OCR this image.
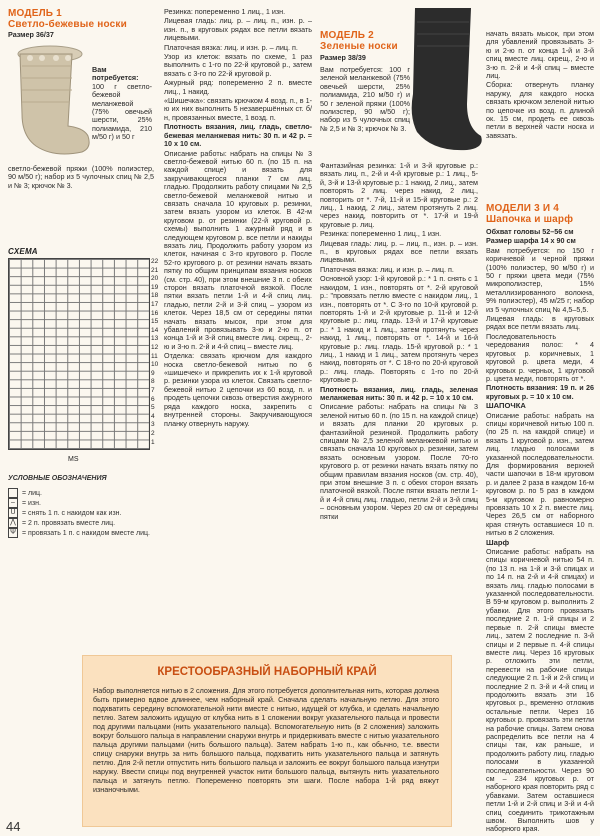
МОДЕЛЬ 1
Светло-бежевые носки
Размер 36/37
Вам потребуется: 100 г светло-бежевой меланжевой (75% овечьей шерсти, 25% полиамида, 210 м/50 г) и 50 г
светло-бежевой пряжи (100% полиэстер, 90 м/50 г); набор из 5 чулочных спиц № 2,5 и № 3; крючок № 3.
СХЕМА
22
21
20
19
18
17
16
15
14
13
12
11
10
9
8
7
6
5
4
3
2
1
MS
УСЛОВНЫЕ ОБОЗНАЧЕНИЯ
= лиц.
– = изн.
U = снять 1 п. с накидом как изн.
⋀ = 2 п. провязать вместе лиц.
Ψ = провязать 1 п. с накидом вместе лиц.

Резинка: попеременно 1 лиц., 1 изн.

Лицевая гладь: лиц. р. – лиц. п., изн. р. – изн. п., в круговых рядах все петли вязать лицевыми.

Платочная вязка: лиц. и изн. р. – лиц. п.

Узор из клеток: вязать по схеме, 1 раз выполнить с 1-го по 22-й круговой р., затем вязать с 3-го по 22-й круговой р.

Ажурный ряд: попеременно 2 п. вместе лиц., 1 накид.

«Шишечка»: связать крючком 4 возд. п., в 1-ю их них выполнить 5 незавершённых ст. б/н, провязанных вместе, 1 возд. п.

Плотность вязания, лиц. гладь, светло-бежевая меланжевая нить: 30 п. и 42 р. = 10 х 10 см.

Описание работы: набрать на спицы № 3 светло-бежевой нитью 60 п. (по 15 п. на каждой спице) и вязать для закручивающегося планки 7 см лиц. гладью. Продолжить работу спицами № 2,5 светло-бежевой меланжевой нитью и связать сначала 10 круговых р. резинки, затем вязать узором из клеток. В 42-м круговом р. от резинки (22-й круговой р. схемы) выполнить 1 ажурный ряд и в следующем круговом р. все петли и накиды вязать лиц. Продолжить работу узором из клеток, начиная с 3-го кругового р. После 52-го кругового р. от резинки начать вязать пятку по общим принципам вязания носков (см. стр. 40), при этом внешние 3 п. с обеих сторон вязать платочной вязкой. После пятки вязать петли 1-й и 4-й спиц лиц. гладью, петли 2-й и 3-й спиц – узором из клеток. Через 18,5 см от середины пятки начать вязать мысок, при этом для убавлений провязывать 3-ю и 2-ю п. от конца 1-й и 3-й спиц вместе лиц. скрещ., 2-ю и 3-ю п. 2-й и 4-й спиц – вместе лиц.

Отделка: связать крючком для каждого носка светло-бежевой нитью по 6 «шишечек» и прикрепить их к 1-й круговой р. резинки узора из клеток. Связать светло-бежевой нитью 2 цепочки из 60 возд. п. и продеть цепочки сквозь отверстия ажурного ряда каждого носка, закрепить с внутренней стороны. Закручивающуюся планку отвернуть наружу.

МОДЕЛЬ 2
Зеленые носки
Размер 38/39
Вам потребуется: 100 г зеленой меланжевой (75% овечьей шерсти, 25% полиамида, 210 м/50 г) и 50 г зеленой пряжи (100% полиэстер, 90 м/50 г); набор из 5 чулочных спиц № 2,5 и № 3; крючок № 3.

Фантазийная резинка: 1-й и 3-й круговые р.: вязать лиц. п., 2-й и 4-й круговые р.: 1 лиц., 5-й, 3-й и 13-й круговые р.: 1 накид, 2 лиц., затем повторять 2 лиц. через накид, 2 лиц., повторить от *. 7-й, 11-й и 15-й круговые р.: 2 лиц., 1 накид, 2 лиц., затем протянуть 2 лиц. через накид, повторить от *. 17-й и 19-й круговые р. лиц.

Резинка: попеременно 1 лиц., 1 изн.

Лицевая гладь: лиц. р. – лиц. п., изн. р. – изн. п., в круговых рядах все петли вязать лицевыми.

Платочная вязка: лиц. и изн. р. – лиц. п.

Основной узор: 1-й круговой р.: * 1 п. снять с 1 накидом, 1 изн., повторять от *. 2-й круговой р.: "провязать петлю вместе с накидом лиц., 1 изн., повторять от *. С 3-го по 10-й круговой р. повторять 1-й и 2-й круговые р. 11-й и 12-й круговые р.: лиц. гладь. 13-й и 17-й круговые р.: * 1 накид и 1 лиц., затем протянуть через накид, 1 лиц., повторять от *. 14-й и 16-й круговые р.: лиц. гладь. 15-й круговой р.: * 1 лиц., 1 накид и 1 лиц., затем протянуть через накид, повторять от *. С 18-го по 20-й круговой р.: лиц. гладь. Повторять с 1-го по 20-й круговые р.

Плотность вязания, лиц. гладь, зеленая меланжевая нить: 30 п. и 42 р. = 10 х 10 см.

Описание работы: набрать на спицы № 3 зеленой нитью 60 п. (по 15 п. на каждой спице) и вязать для планки 20 круговых р. фантазийной резинкой. Продолжить работу спицами № 2,5 зеленой меланжевой нитью и связать сначала 10 круговых р. резинки, затем вязать основным узором. После 70-го кругового р. от резинки начать вязать пятку по общим правилам вязания носков (см. стр. 40), при этом внешние 3 п. с обеих сторон вязать платочной вязкой. После пятки вязать петли 1-й и 4-й спиц лиц. гладью, петли 2-й и 3-й спиц – основным узором. Через 20 см от середины пятки

начать вязать мысок, при этом для убавлений провязывать 3-ю и 2-ю п. от конца 1-й и 3-й спиц вместе лиц. скрещ., 2-ю и 3-ю п. 2-й и 4-й спиц – вместе лиц.

Сборка: отвернуть планку наружу, для каждого носка связать крючком зеленой нитью по цепочке из возд. п. длиной ок. 15 см, продеть ее сквозь петли в верхней части носка и завязать.

МОДЕЛИ 3 И 4
Шапочка и шарф

Обхват головы 52–56 см

Размер шарфа 14 х 90 см

Вам потребуется: по 150 г коричневой и черной пряжи (100% полиэстер, 90 м/50 г) и 50 г пряжи цвета меди (75% микрополиэстер, 15% металлизированного волокна, 9% полиэстер), 45 м/25 г; набор из 5 чулочных спиц № 4,5–5,5.

Лицевая гладь: в круговых рядах все петли вязать лиц.

Последовательность чередования полос: * 4 круговых р. коричневых, 1 круговой р. цвета меди, 4 круговых р. черных, 1 круговой р. цвета меди, повторять от *.

Плотность вязания: 19 п. и 26 круговых р. = 10 х 10 см.

ШАПОЧКА

Описание работы: набрать на спицы коричневой нитью 100 п. (по 25 п. на каждой спице) и вязать 1 круговой р. изн., затем лиц. гладью полосами в указанной последовательности. Для формирования верхней части шапочки в 18-м круговом р. и далее 2 раза в каждом 16-м круговом р. по 5 раз в каждом 5-м круговом р. равномерно провязать 10 х 2 п. вместе лиц. Через 26,5 см от наборного края стянуть оставшиеся 10 п. нитью в 2 сложения.

Шарф

Описание работы: набрать на спицы коричневой нитью 54 п. (по 13 п. на 1-й и 3-й спицах и по 14 п. на 2-й и 4-й спицах) и вязать лиц. гладью полосами в указанной последовательности. В 59-м круговом р. выполнить 2 убавки. Для этого провязать последние 2 п. 1-й спицы и 2 первые п. 2-й спицы вместе лиц., затем 2 последние п. 3-й спицы и 2 первые п. 4-й спицы вместе лиц. Через 16 круговых р. отложить эти петли, перевести на рабочие спицы следующие 2 п. 1-й и 2-й спиц и последние 2 п. 3-й и 4-й спиц и продолжить вязать эти 16 круговых р., временно отложив остальные петли. Через 16 круговых р. провязать эти петли на рабочие спицы. Затем снова распределить все петли на 4 спицы так, как раньше, и продолжить работу лиц. гладью полосами в указанной последовательности. Через 90 см – 234 круговых р. от наборного края повторить ряд с убавками. Затем оставшиеся петли 1-й и 2-й спиц и 3-й и 4-й спиц соединить трикотажным швом. Выполнить шов у наборного края.

КРЕСТООБРАЗНЫЙ НАБОРНЫЙ КРАЙ
Набор выполняется нитью в 2 сложения. Для этого потребуется дополнительная нить, которая должна быть примерно вдвое длиннее, чем наборный край. Сначала сделать начальную петлю. Для этого подхватить середину вспомогательной нити вместе с нитью, идущей от клубка, и сделать начальную петлю. Затем заложить идущую от клубка нить в 1 сложении вокруг указательного пальца и провести под другими пальцами (нить указательного пальца). Вспомогательную нить (в 2 сложения) заложить вокруг большого пальца в направлении снаружи внутрь и придерживать вместе с нитью указательного пальца другими пальцами (нить большого пальца). Затем набрать 1-ю п., как обычно, т.е. ввести спицу снаружи внутрь за нить большого пальца, подхватить нить указательного пальца и затянуть петлю. Для 2-й петли отпустить нить большого пальца и заложить ее вокруг большого пальца изнутри наружу. Ввести спицы под внутренней участок нити большого пальца, вытянуть нить указательного пальца и затянуть петлю. Попеременно повторять эти шаги. После набора 1-й ряд вяжут изнаночными.
44
